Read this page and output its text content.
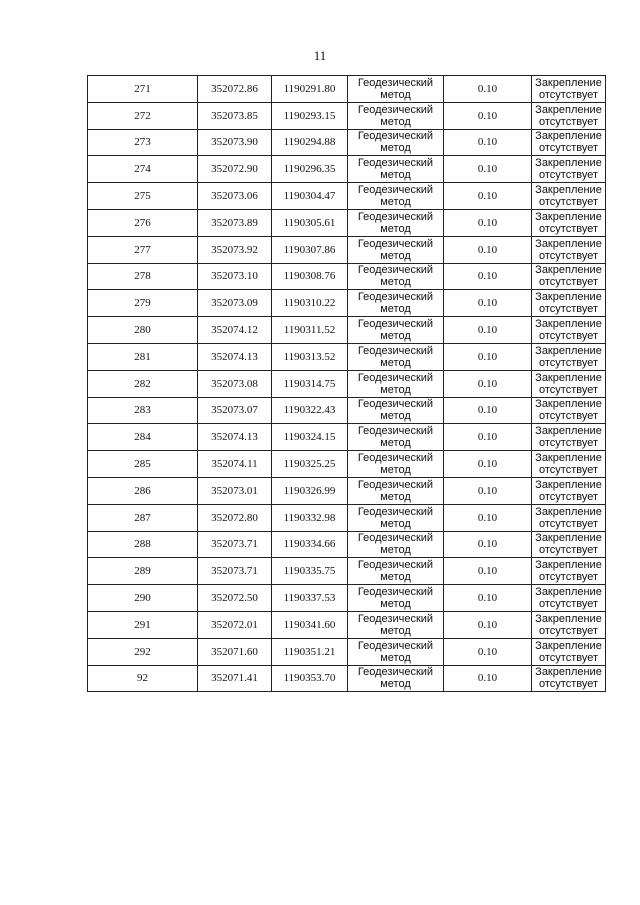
11
271	352072.86	1190291.80	Геодезический метод	0.10	Закрепление отсутствует
272	352073.85	1190293.15	Геодезический метод	0.10	Закрепление отсутствует
273	352073.90	1190294.88	Геодезический метод	0.10	Закрепление отсутствует
274	352072.90	1190296.35	Геодезический метод	0.10	Закрепление отсутствует
275	352073.06	1190304.47	Геодезический метод	0.10	Закрепление отсутствует
276	352073.89	1190305.61	Геодезический метод	0.10	Закрепление отсутствует
277	352073.92	1190307.86	Геодезический метод	0.10	Закрепление отсутствует
278	352073.10	1190308.76	Геодезический метод	0.10	Закрепление отсутствует
279	352073.09	1190310.22	Геодезический метод	0.10	Закрепление отсутствует
280	352074.12	1190311.52	Геодезический метод	0.10	Закрепление отсутствует
281	352074.13	1190313.52	Геодезический метод	0.10	Закрепление отсутствует
282	352073.08	1190314.75	Геодезический метод	0.10	Закрепление отсутствует
283	352073.07	1190322.43	Геодезический метод	0.10	Закрепление отсутствует
284	352074.13	1190324.15	Геодезический метод	0.10	Закрепление отсутствует
285	352074.11	1190325.25	Геодезический метод	0.10	Закрепление отсутствует
286	352073.01	1190326.99	Геодезический метод	0.10	Закрепление отсутствует
287	352072.80	1190332.98	Геодезический метод	0.10	Закрепление отсутствует
288	352073.71	1190334.66	Геодезический метод	0.10	Закрепление отсутствует
289	352073.71	1190335.75	Геодезический метод	0.10	Закрепление отсутствует
290	352072.50	1190337.53	Геодезический метод	0.10	Закрепление отсутствует
291	352072.01	1190341.60	Геодезический метод	0.10	Закрепление отсутствует
292	352071.60	1190351.21	Геодезический метод	0.10	Закрепление отсутствует
92	352071.41	1190353.70	Геодезический метод	0.10	Закрепление отсутствует
